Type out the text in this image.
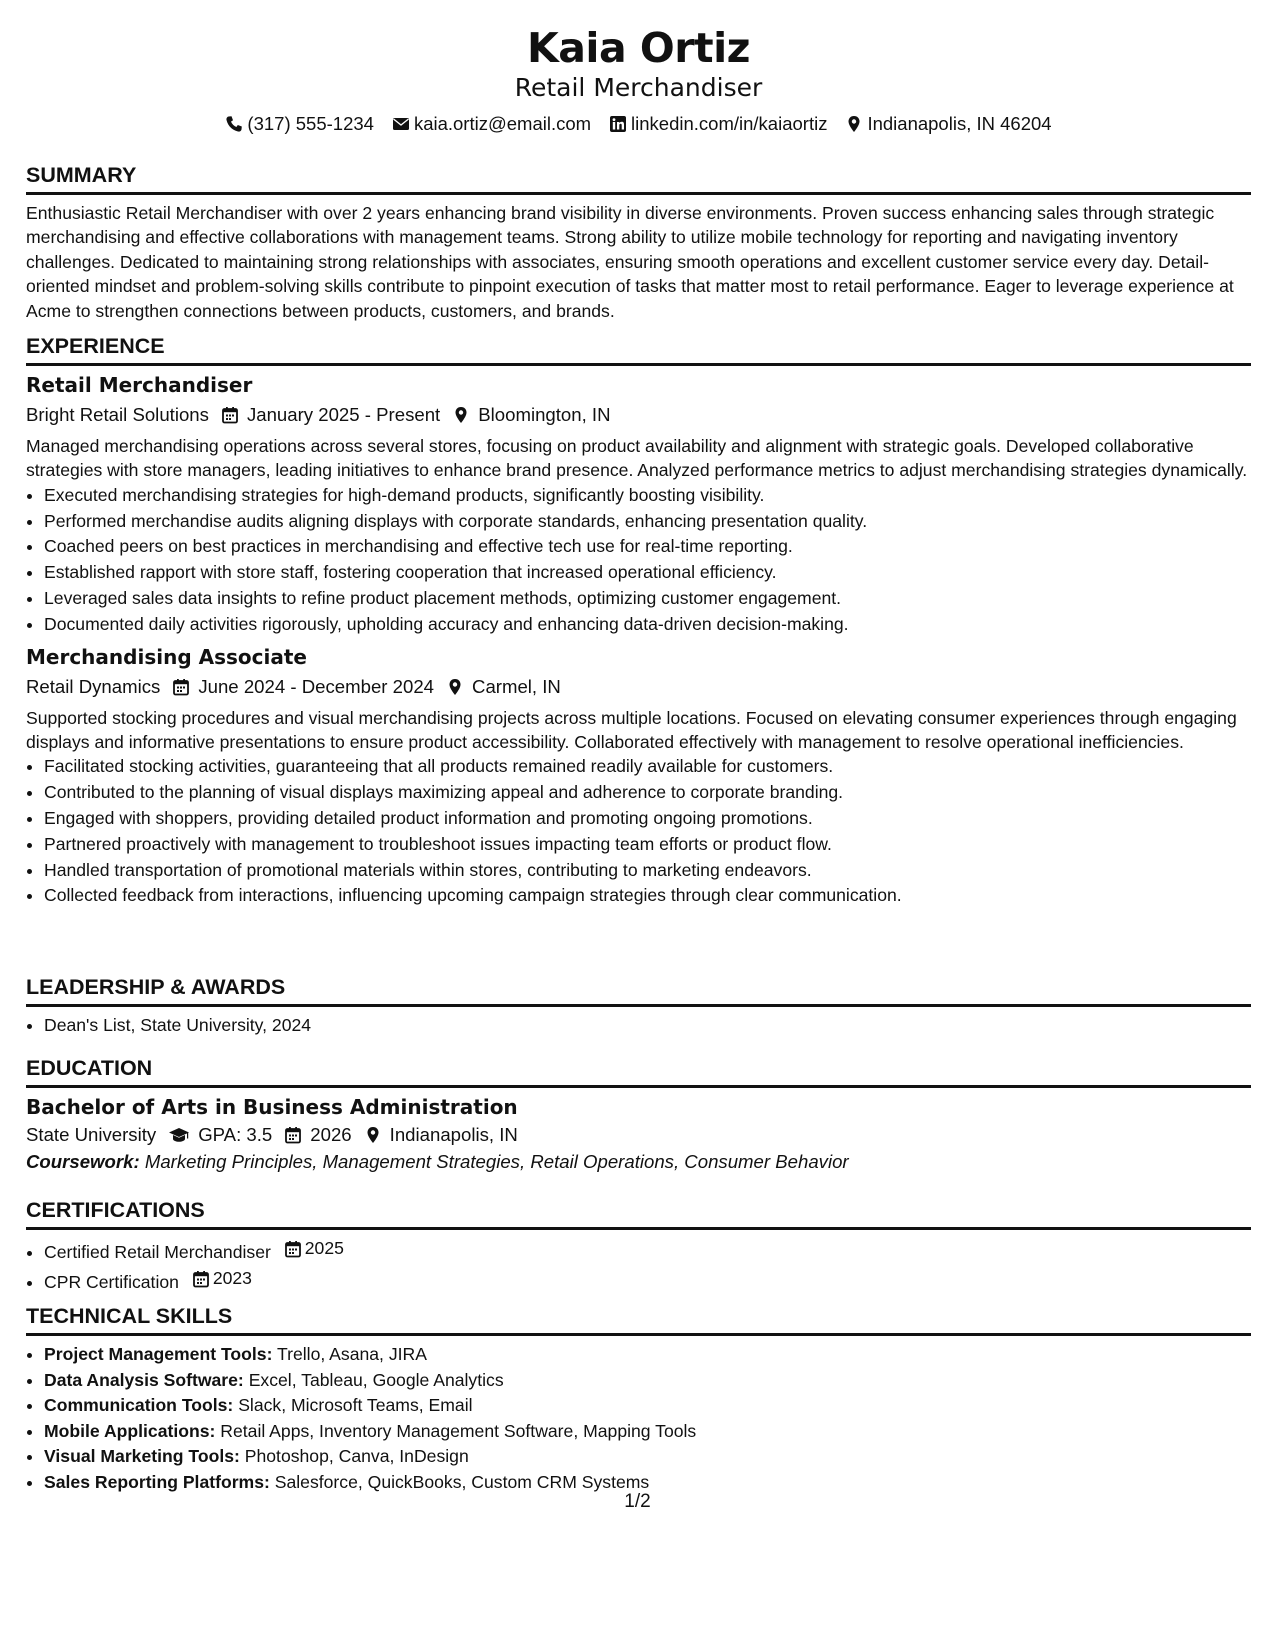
Kaia Ortiz
Retail Merchandiser
(317) 555-1234 kaia.ortiz@email.com linkedin.com/in/kaiaortiz Indianapolis, IN 46204
SUMMARY

Enthusiastic Retail Merchandiser with over 2 years enhancing brand visibility in diverse environments. Proven success enhancing sales through strategic merchandising and effective collaborations with management teams. Strong ability to utilize mobile technology for reporting and navigating inventory challenges. Dedicated to maintaining strong relationships with associates, ensuring smooth operations and excellent customer service every day. Detail-oriented mindset and problem-solving skills contribute to pinpoint execution of tasks that matter most to retail performance. Eager to leverage experience at Acme to strengthen connections between products, customers, and brands.

EXPERIENCE
Retail Merchandiser
Bright Retail Solutions January 2025 - Present Bloomington, IN

Managed merchandising operations across several stores, focusing on product availability and alignment with strategic goals. Developed collaborative strategies with store managers, leading initiatives to enhance brand presence. Analyzed performance metrics to adjust merchandising strategies dynamically.

• Executed merchandising strategies for high-demand products, significantly boosting visibility.
• Performed merchandise audits aligning displays with corporate standards, enhancing presentation quality.
• Coached peers on best practices in merchandising and effective tech use for real-time reporting.
• Established rapport with store staff, fostering cooperation that increased operational efficiency.
• Leveraged sales data insights to refine product placement methods, optimizing customer engagement.
• Documented daily activities rigorously, upholding accuracy and enhancing data-driven decision-making.
Merchandising Associate
Retail Dynamics June 2024 - December 2024 Carmel, IN

Supported stocking procedures and visual merchandising projects across multiple locations. Focused on elevating consumer experiences through engaging displays and informative presentations to ensure product accessibility. Collaborated effectively with management to resolve operational inefficiencies.

• Facilitated stocking activities, guaranteeing that all products remained readily available for customers.
• Contributed to the planning of visual displays maximizing appeal and adherence to corporate branding.
• Engaged with shoppers, providing detailed product information and promoting ongoing promotions.
• Partnered proactively with management to troubleshoot issues impacting team efforts or product flow.
• Handled transportation of promotional materials within stores, contributing to marketing endeavors.
• Collected feedback from interactions, influencing upcoming campaign strategies through clear communication.
LEADERSHIP & AWARDS
• Dean's List, State University, 2024
EDUCATION
Bachelor of Arts in Business Administration
State University GPA: 3.5 2026 Indianapolis, IN
Coursework: Marketing Principles, Management Strategies, Retail Operations, Consumer Behavior
CERTIFICATIONS
• Certified Retail Merchandiser 2025
• CPR Certification 2023
TECHNICAL SKILLS
• Project Management Tools: Trello, Asana, JIRA
• Data Analysis Software: Excel, Tableau, Google Analytics
• Communication Tools: Slack, Microsoft Teams, Email
• Mobile Applications: Retail Apps, Inventory Management Software, Mapping Tools
• Visual Marketing Tools: Photoshop, Canva, InDesign
• Sales Reporting Platforms: Salesforce, QuickBooks, Custom CRM Systems
1/2
